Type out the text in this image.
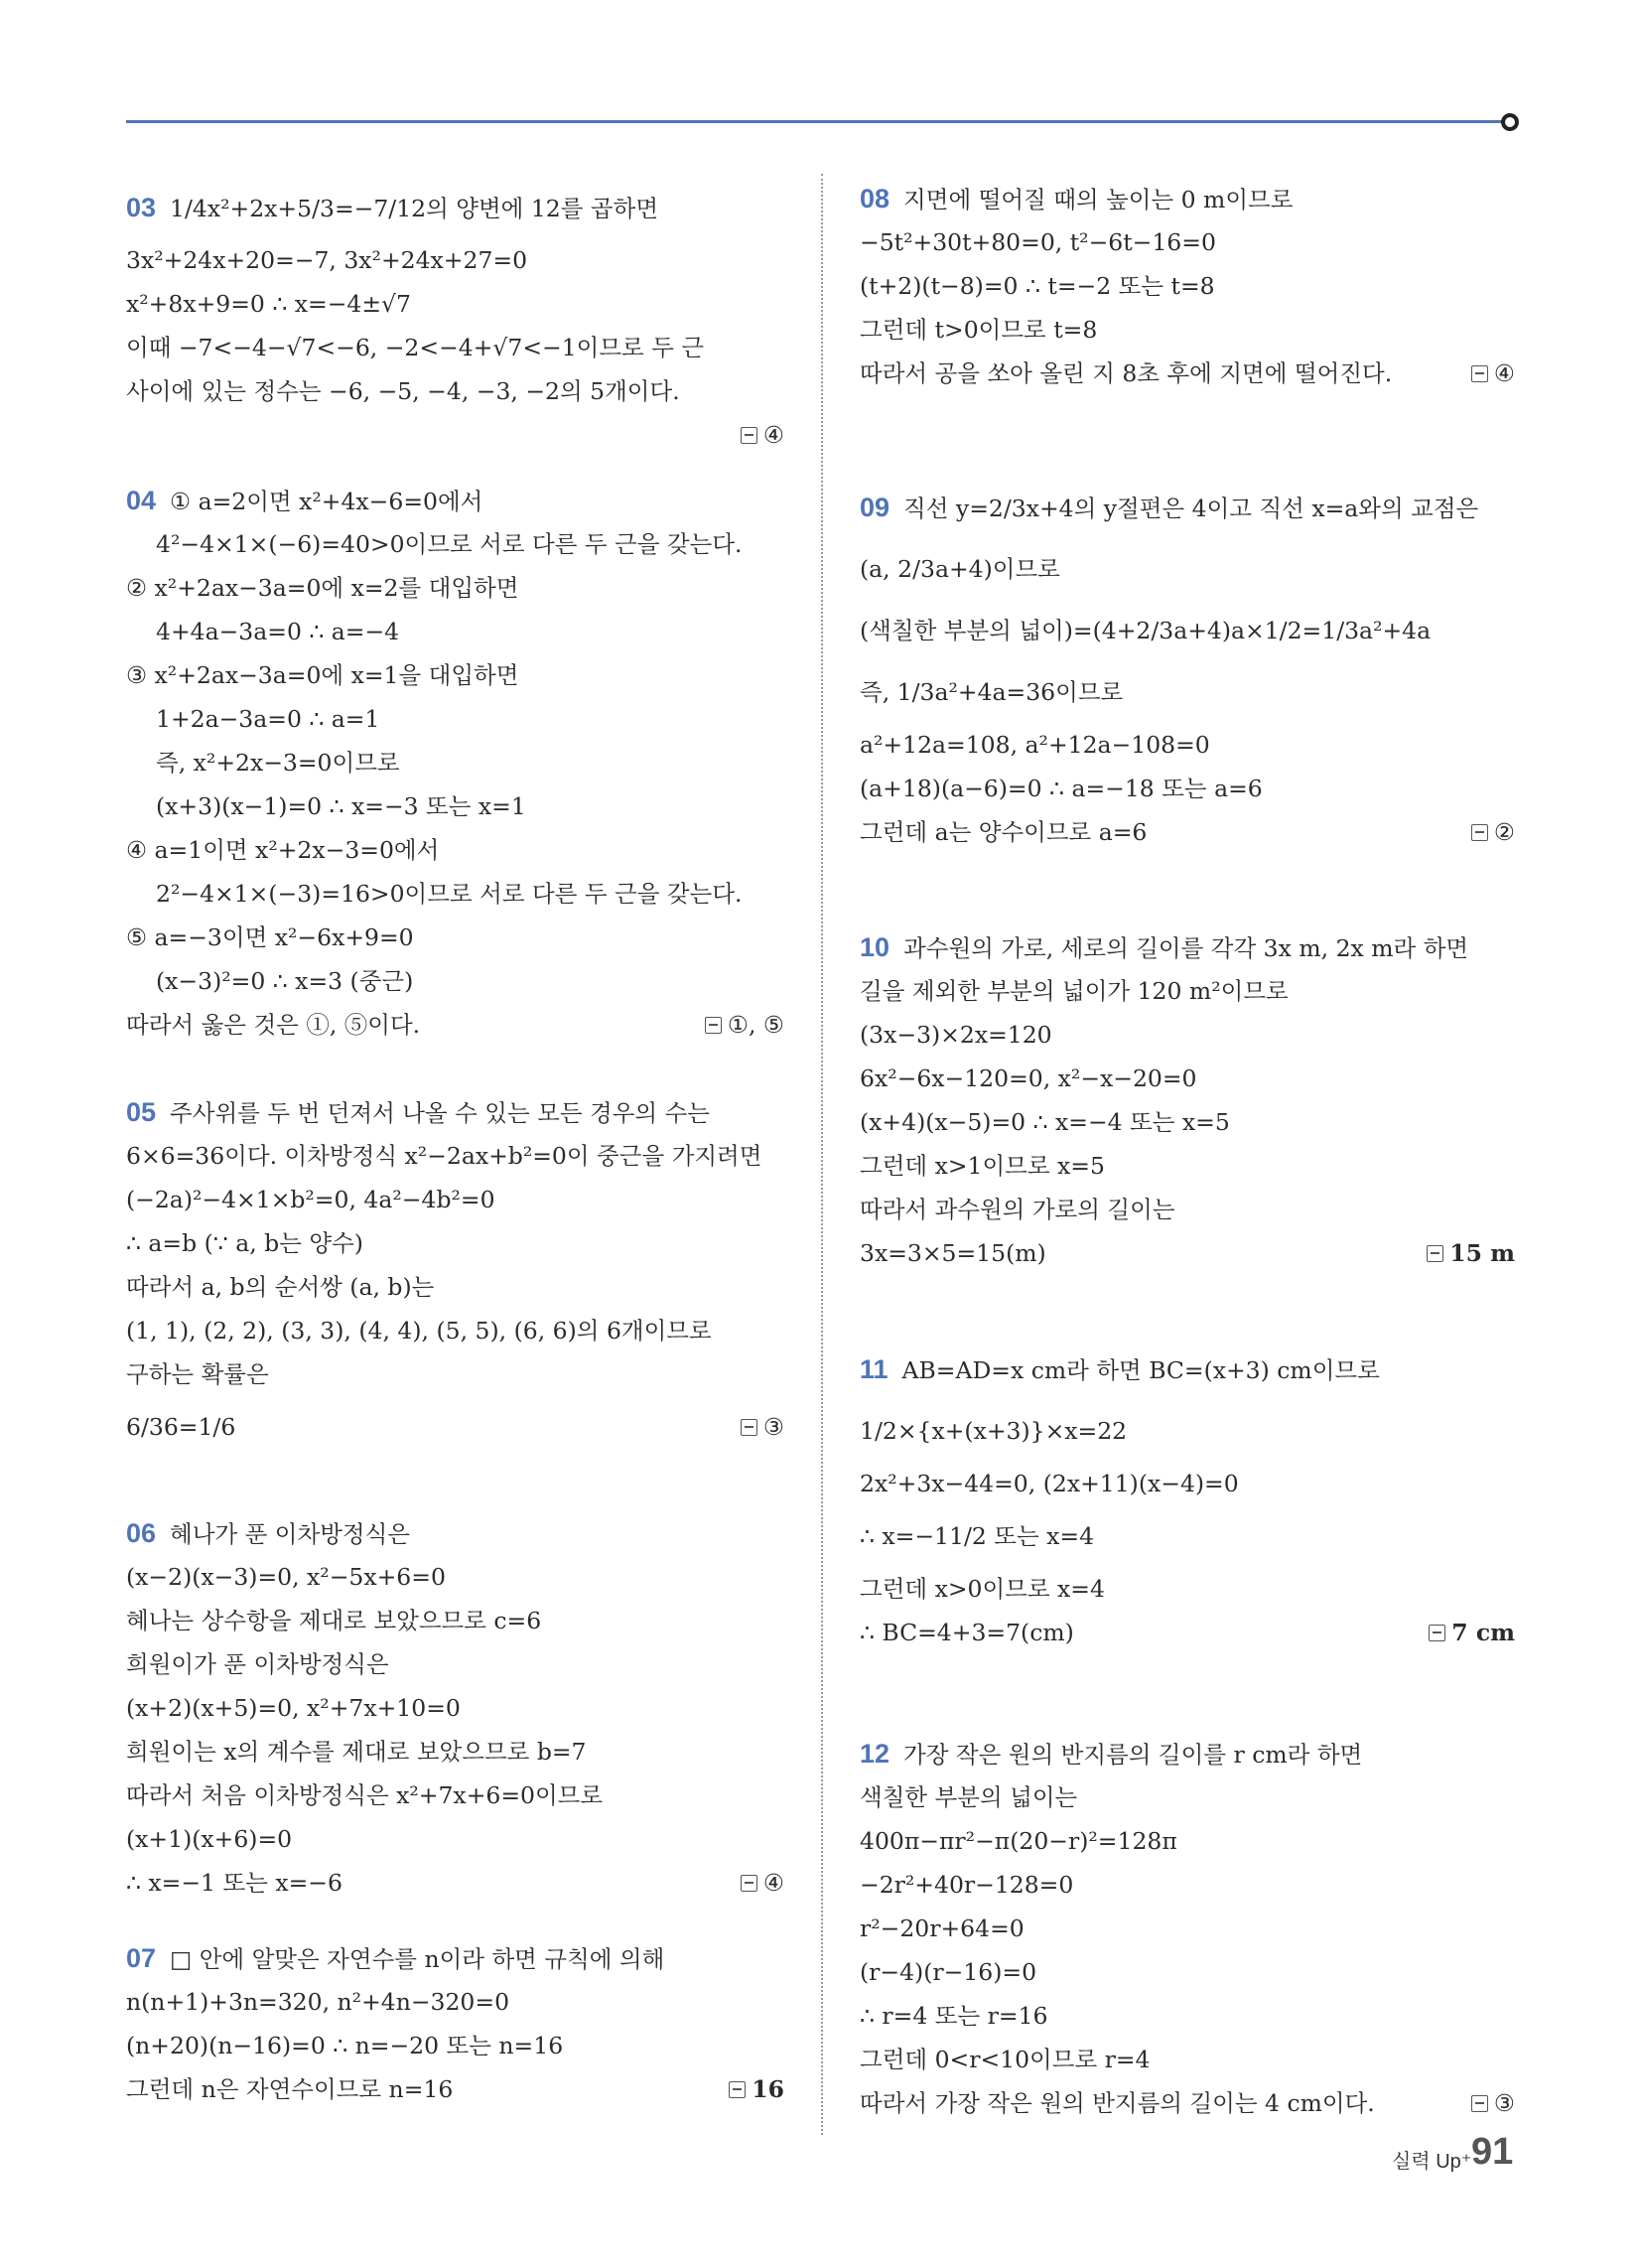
03 1/4x²+2x+5/3=−7/12의 양변에 12를 곱하면
3x²+24x+20=−7, 3x²+24x+27=0
x²+8x+9=0 ∴ x=−4±√7
이때 −7<−4−√7<−6, −2<−4+√7<−1이므로 두 근
사이에 있는 정수는 −6, −5, −4, −3, −2의 5개이다.
④
04 ① a=2이면 x²+4x−6=0에서
4²−4×1×(−6)=40>0이므로 서로 다른 두 근을 갖는다.
② x²+2ax−3a=0에 x=2를 대입하면
4+4a−3a=0 ∴ a=−4
③ x²+2ax−3a=0에 x=1을 대입하면
1+2a−3a=0 ∴ a=1
즉, x²+2x−3=0이므로
(x+3)(x−1)=0 ∴ x=−3 또는 x=1
④ a=1이면 x²+2x−3=0에서
2²−4×1×(−3)=16>0이므로 서로 다른 두 근을 갖는다.
⑤ a=−3이면 x²−6x+9=0
(x−3)²=0 ∴ x=3 (중근)
따라서 옳은 것은 ①, ⑤이다.	①, ⑤
05 주사위를 두 번 던져서 나올 수 있는 모든 경우의 수는
6×6=36이다. 이차방정식 x²−2ax+b²=0이 중근을 가지려면
(−2a)²−4×1×b²=0, 4a²−4b²=0
∴ a=b (∵ a, b는 양수)
따라서 a, b의 순서쌍 (a, b)는
(1, 1), (2, 2), (3, 3), (4, 4), (5, 5), (6, 6)의 6개이므로
구하는 확률은
6/36=1/6	③
06 혜나가 푼 이차방정식은
(x−2)(x−3)=0, x²−5x+6=0
혜나는 상수항을 제대로 보았으므로 c=6
희원이가 푼 이차방정식은
(x+2)(x+5)=0, x²+7x+10=0
희원이는 x의 계수를 제대로 보았으므로 b=7
따라서 처음 이차방정식은 x²+7x+6=0이므로
(x+1)(x+6)=0
∴ x=−1 또는 x=−6	④
07 □ 안에 알맞은 자연수를 n이라 하면 규칙에 의해
n(n+1)+3n=320, n²+4n−320=0
(n+20)(n−16)=0 ∴ n=−20 또는 n=16
그런데 n은 자연수이므로 n=16	16
08 지면에 떨어질 때의 높이는 0 m이므로
−5t²+30t+80=0, t²−6t−16=0
(t+2)(t−8)=0 ∴ t=−2 또는 t=8
그런데 t>0이므로 t=8
따라서 공을 쏘아 올린 지 8초 후에 지면에 떨어진다.	④
09 직선 y=2/3x+4의 y절편은 4이고 직선 x=a와의 교점은
(a, 2/3a+4)이므로
(색칠한 부분의 넓이)=(4+2/3a+4)a×1/2=1/3a²+4a
즉, 1/3a²+4a=36이므로
a²+12a=108, a²+12a−108=0
(a+18)(a−6)=0 ∴ a=−18 또는 a=6
그런데 a는 양수이므로 a=6	②
10 과수원의 가로, 세로의 길이를 각각 3x m, 2x m라 하면
길을 제외한 부분의 넓이가 120 m²이므로
(3x−3)×2x=120
6x²−6x−120=0, x²−x−20=0
(x+4)(x−5)=0 ∴ x=−4 또는 x=5
그런데 x>1이므로 x=5
따라서 과수원의 가로의 길이는
3x=3×5=15(m)	15 m
11 AB=AD=x cm라 하면 BC=(x+3) cm이므로
1/2×{x+(x+3)}×x=22
2x²+3x−44=0, (2x+11)(x−4)=0
∴ x=−11/2 또는 x=4
그런데 x>0이므로 x=4
∴ BC=4+3=7(cm)	7 cm
12 가장 작은 원의 반지름의 길이를 r cm라 하면
색칠한 부분의 넓이는
400π−πr²−π(20−r)²=128π
−2r²+40r−128=0
r²−20r+64=0
(r−4)(r−16)=0
∴ r=4 또는 r=16
그런데 0<r<10이므로 r=4
따라서 가장 작은 원의 반지름의 길이는 4 cm이다.	③
실력 Up⁺ 91
